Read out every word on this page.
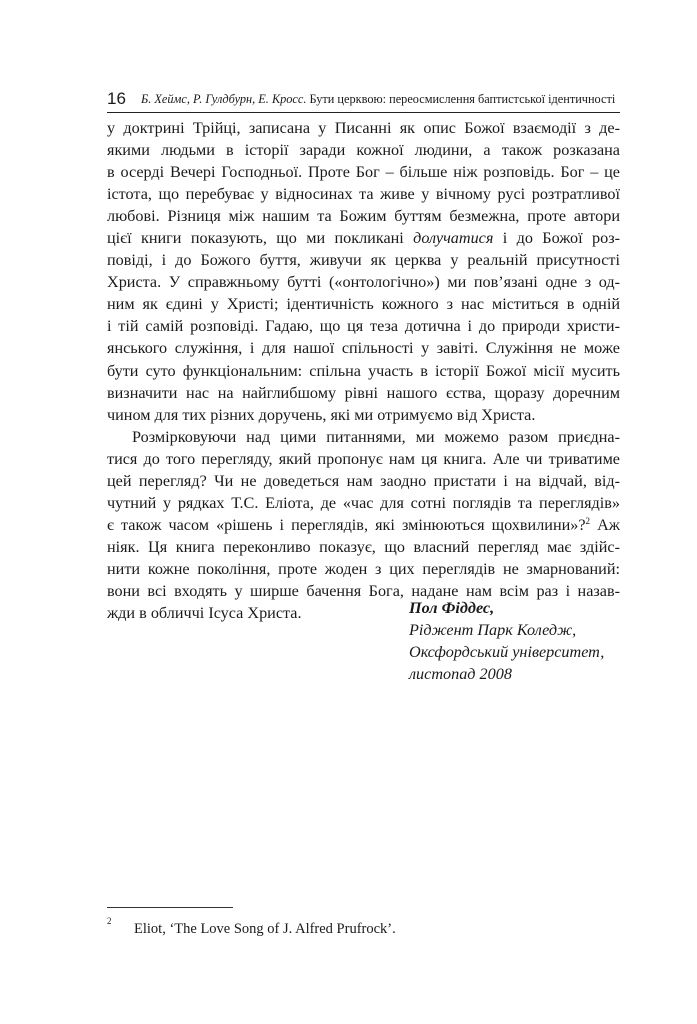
16 Б. Хеймс, Р. Гулдбурн, Е. Кросс. Бути церквою: переосмислення баптистської ідентичності
у доктрині Трійці, записана у Писанні як опис Божої взаємодії з де-
якими людьми в історії заради кожної людини, а також розказана
в осерді Вечері Господньої. Проте Бог – більше ніж розповідь. Бог – це
істота, що перебуває у відносинах та живе у вічному русі розтратливої
любові. Різниця між нашим та Божим буттям безмежна, проте автори
цієї книги показують, що ми покликані долучатися і до Божої роз-
повіді, і до Божого буття, живучи як церква у реальній присутності
Христа. У справжньому бутті («онтологічно») ми пов’язані одне з од-
ним як єдині у Христі; ідентичність кожного з нас міститься в одній
і тій самій розповіді. Гадаю, що ця теза дотична і до природи христи-
янського служіння, і для нашої спільності у завіті. Служіння не може
бути суто функціональним: спільна участь в історії Божої місії мусить
визначити нас на найглибшому рівні нашого єства, щоразу доречним
чином для тих різних доручень, які ми отримуємо від Христа.
Розмірковуючи над цими питаннями, ми можемо разом приєдна-
тися до того перегляду, який пропонує нам ця книга. Але чи триватиме
цей перегляд? Чи не доведеться нам заодно пристати і на відчай, від-
чутний у рядках Т.С. Еліота, де «час для сотні поглядів та переглядів»
є також часом «рішень і переглядів, які змінюються щохвилини»?$^2$ Аж
ніяк. Ця книга переконливо показує, що власний перегляд має здійс-
нити кожне покоління, проте жоден з цих переглядів не змарнований:
вони всі входять у ширше бачення Бога, надане нам всім раз і назав-
жди в обличчі Ісуса Христа.	Пол Фіддес,
Ріджент Парк Коледж,
Оксфордський університет,
листопад 2008
2 Eliot, ‘The Love Song of J. Alfred Prufrock’.
